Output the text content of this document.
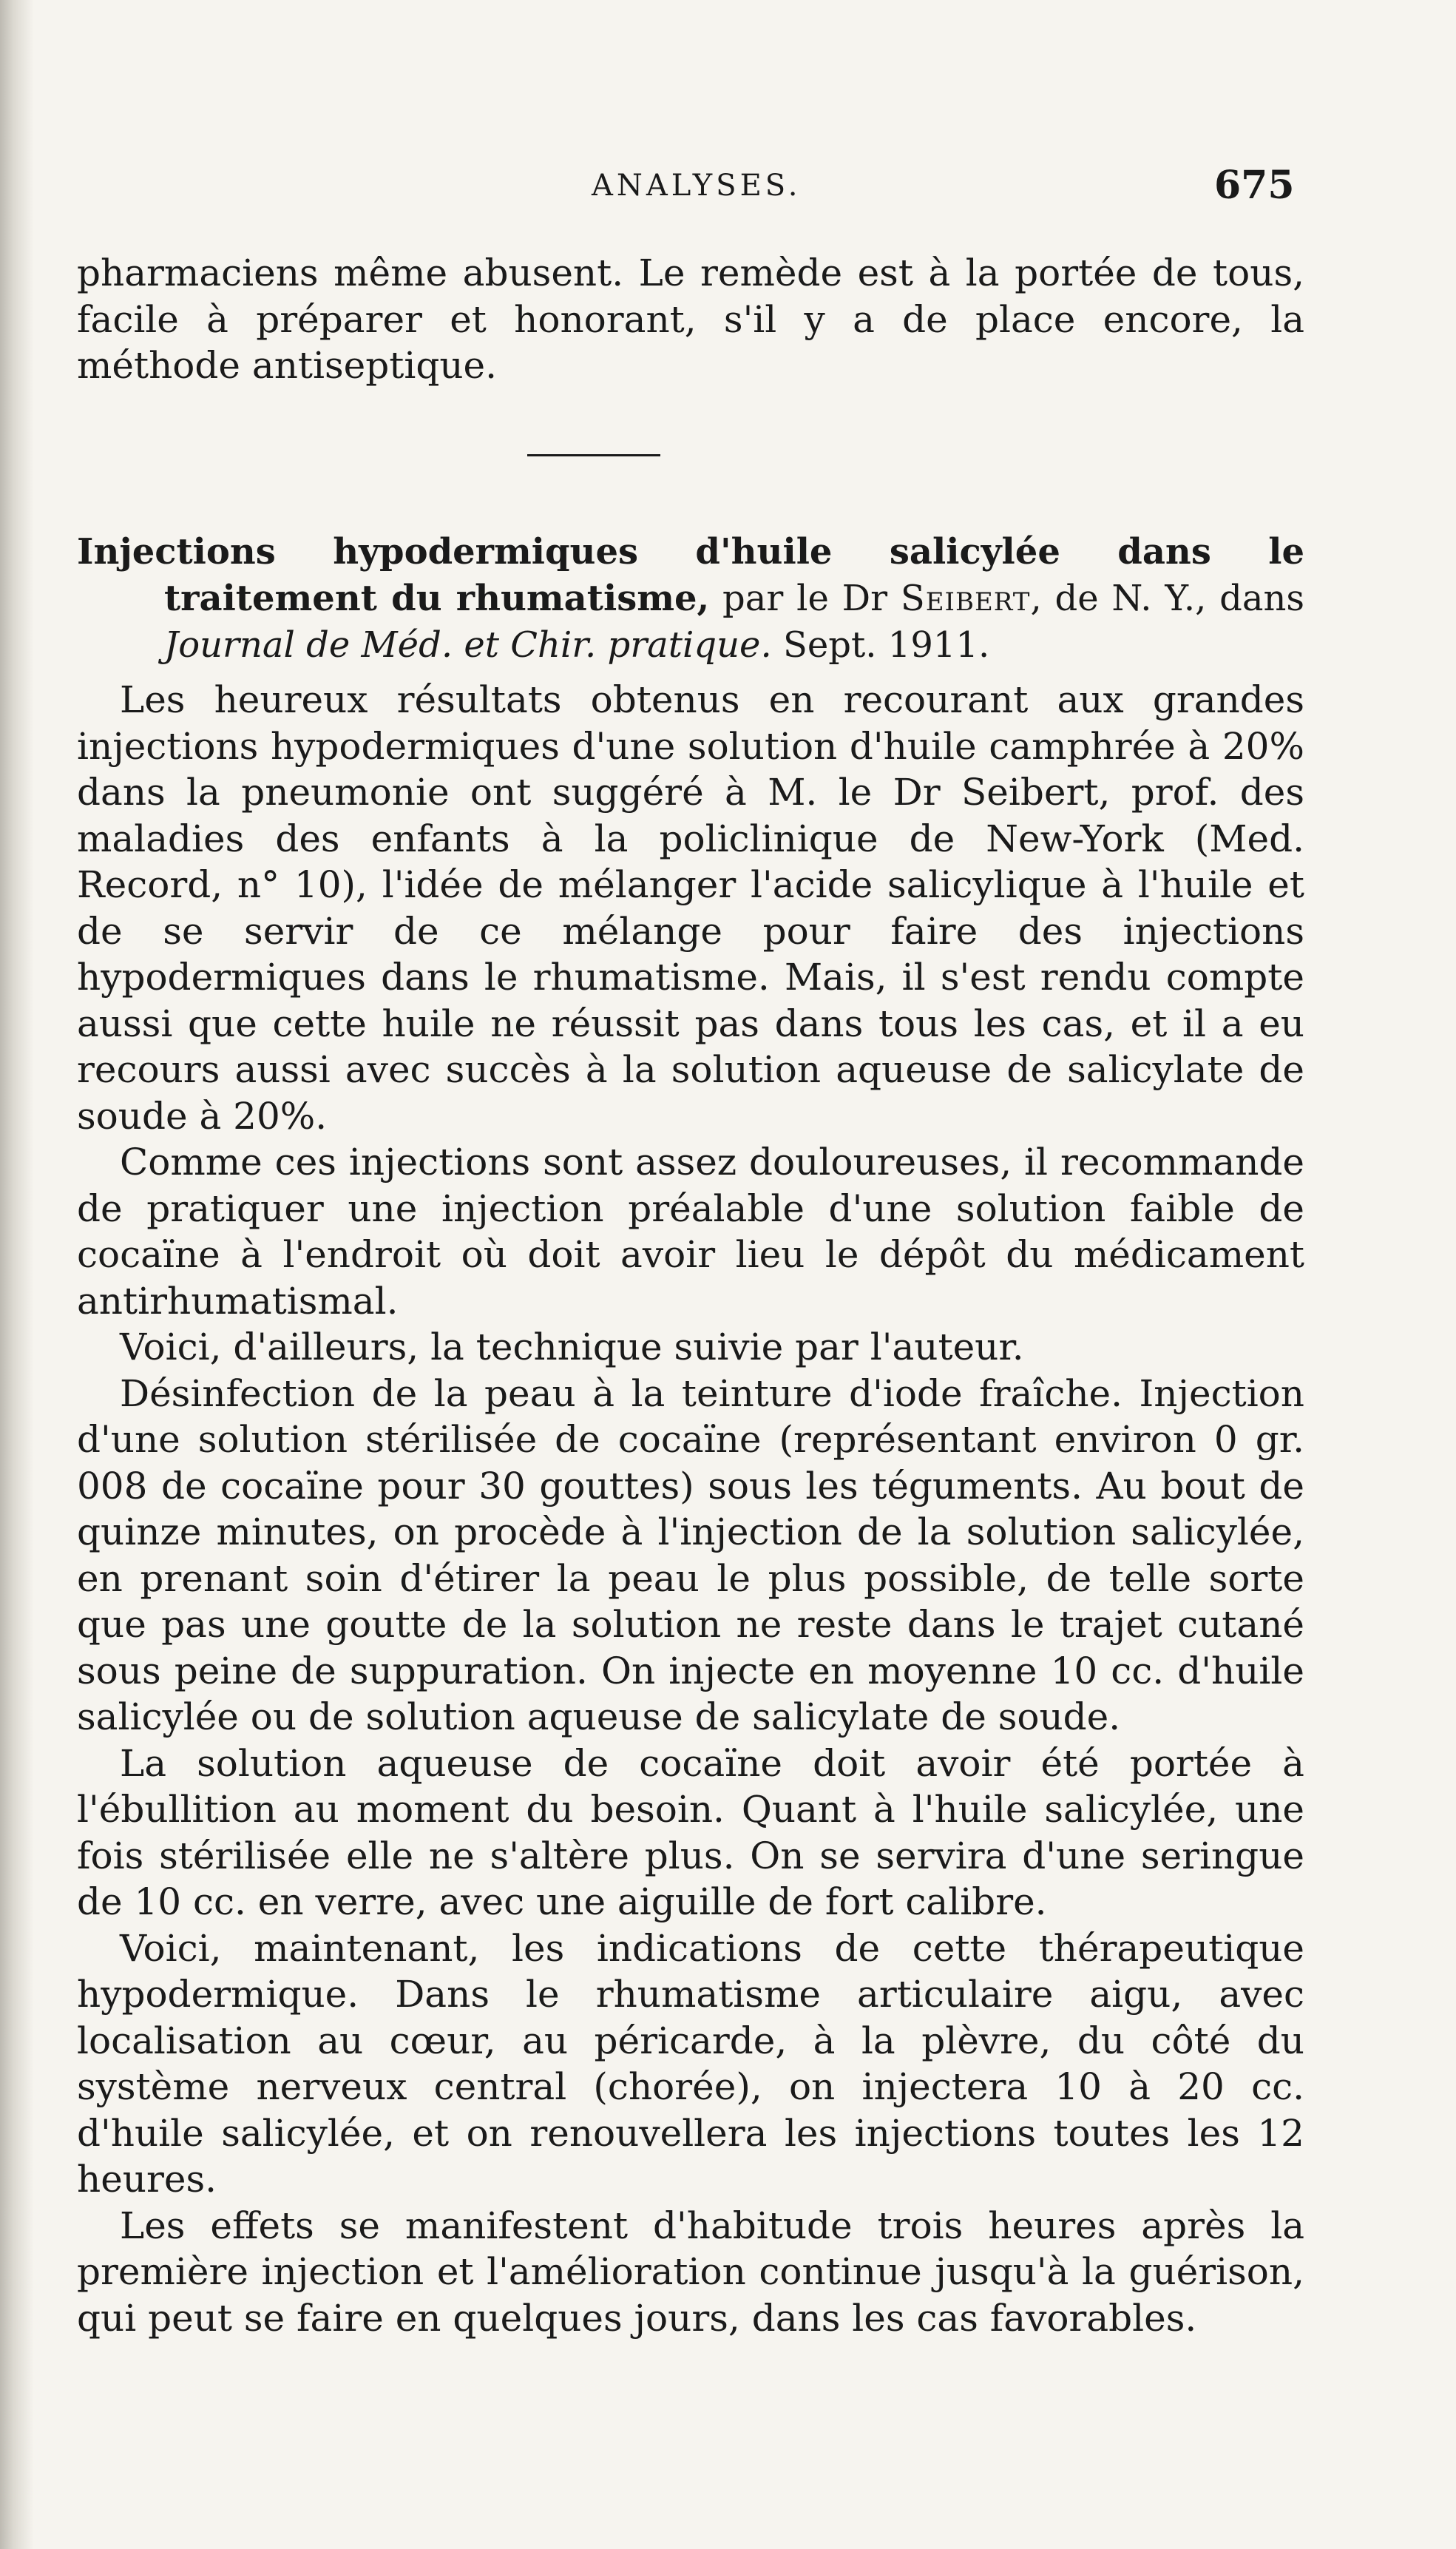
ANALYSES.	675

pharmaciens même abusent. Le remède est à la portée de tous, facile à préparer et honorant, s'il y a de place encore, la méthode antiseptique.

Injections hypodermiques d'huile salicylée dans le traitement du rhumatisme, par le Dr Seibert, de N. Y., dans Journal de Méd. et Chir. pratique. Sept. 1911.

Les heureux résultats obtenus en recourant aux grandes injections hypodermiques d'une solution d'huile camphrée à 20% dans la pneumonie ont suggéré à M. le Dr Seibert, prof. des maladies des enfants à la policlinique de New-York (Med. Record, n° 10), l'idée de mélanger l'acide salicylique à l'huile et de se servir de ce mélange pour faire des injections hypodermiques dans le rhumatisme. Mais, il s'est rendu compte aussi que cette huile ne réussit pas dans tous les cas, et il a eu recours aussi avec succès à la solution aqueuse de salicylate de soude à 20%.

Comme ces injections sont assez douloureuses, il recommande de pratiquer une injection préalable d'une solution faible de cocaïne à l'endroit où doit avoir lieu le dépôt du médicament antirhumatismal.

Voici, d'ailleurs, la technique suivie par l'auteur.

Désinfection de la peau à la teinture d'iode fraîche. Injection d'une solution stérilisée de cocaïne (représentant environ 0 gr. 008 de cocaïne pour 30 gouttes) sous les téguments. Au bout de quinze minutes, on procède à l'injection de la solution salicylée, en prenant soin d'étirer la peau le plus possible, de telle sorte que pas une goutte de la solution ne reste dans le trajet cutané sous peine de suppuration. On injecte en moyenne 10 cc. d'huile salicylée ou de solution aqueuse de salicylate de soude.

La solution aqueuse de cocaïne doit avoir été portée à l'ébullition au moment du besoin. Quant à l'huile salicylée, une fois stérilisée elle ne s'altère plus. On se servira d'une seringue de 10 cc. en verre, avec une aiguille de fort calibre.

Voici, maintenant, les indications de cette thérapeutique hypodermique. Dans le rhumatisme articulaire aigu, avec localisation au cœur, au péricarde, à la plèvre, du côté du système nerveux central (chorée), on injectera 10 à 20 cc. d'huile salicylée, et on renouvellera les injections toutes les 12 heures.

Les effets se manifestent d'habitude trois heures après la première injection et l'amélioration continue jusqu'à la guérison, qui peut se faire en quelques jours, dans les cas favorables.
